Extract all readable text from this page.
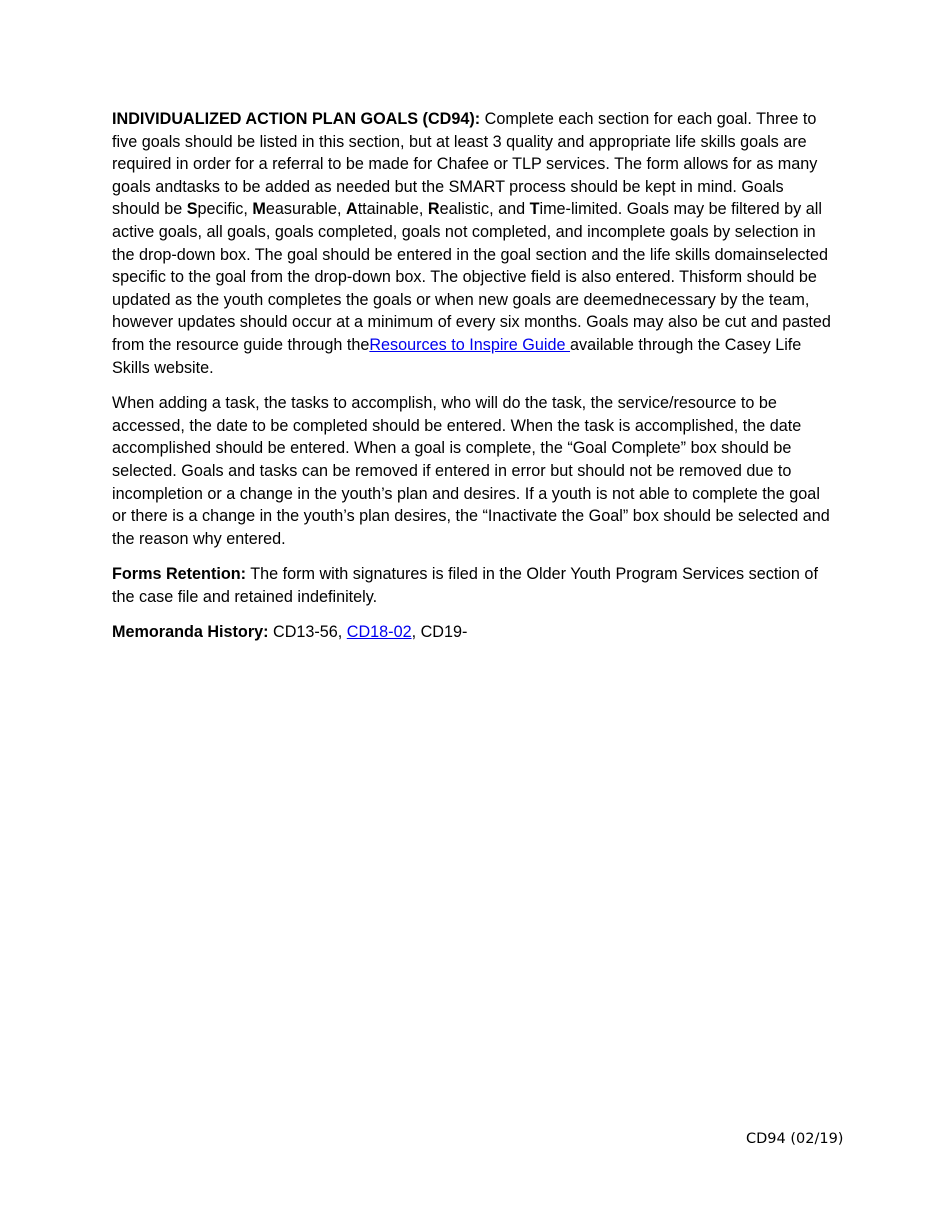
INDIVIDUALIZED ACTION PLAN GOALS (CD94): Complete each section for each goal. Three to five goals should be listed in this section, but at least 3 quality and appropriate life skills goals are required in order for a referral to be made for Chafee or TLP services. The form allows for as many goals andtasks to be added as needed but the SMART process should be kept in mind. Goals should be Specific, Measurable, Attainable, Realistic, and Time-limited. Goals may be filtered by all active goals, all goals, goals completed, goals not completed, and incomplete goals by selection in the drop-down box. The goal should be entered in the goal section and the life skills domainselected specific to the goal from the drop-down box. The objective field is also entered. Thisform should be updated as the youth completes the goals or when new goals are deemednecessary by the team, however updates should occur at a minimum of every six months. Goals may also be cut and pasted from the resource guide through theResources to Inspire Guide available through the Casey Life Skills website.

When adding a task, the tasks to accomplish, who will do the task, the service/resource to be accessed, the date to be completed should be entered. When the task is accomplished, the date accomplished should be entered. When a goal is complete, the “Goal Complete” box should be selected. Goals and tasks can be removed if entered in error but should not be removed due to incompletion or a change in the youth’s plan and desires. If a youth is not able to complete the goal or there is a change in the youth’s plan desires, the “Inactivate the Goal” box should be selected and the reason why entered.

Forms Retention: The form with signatures is filed in the Older Youth Program Services section of the case file and retained indefinitely.

Memoranda History: CD13-56, CD18-02, CD19-

CD94 (02/19)
